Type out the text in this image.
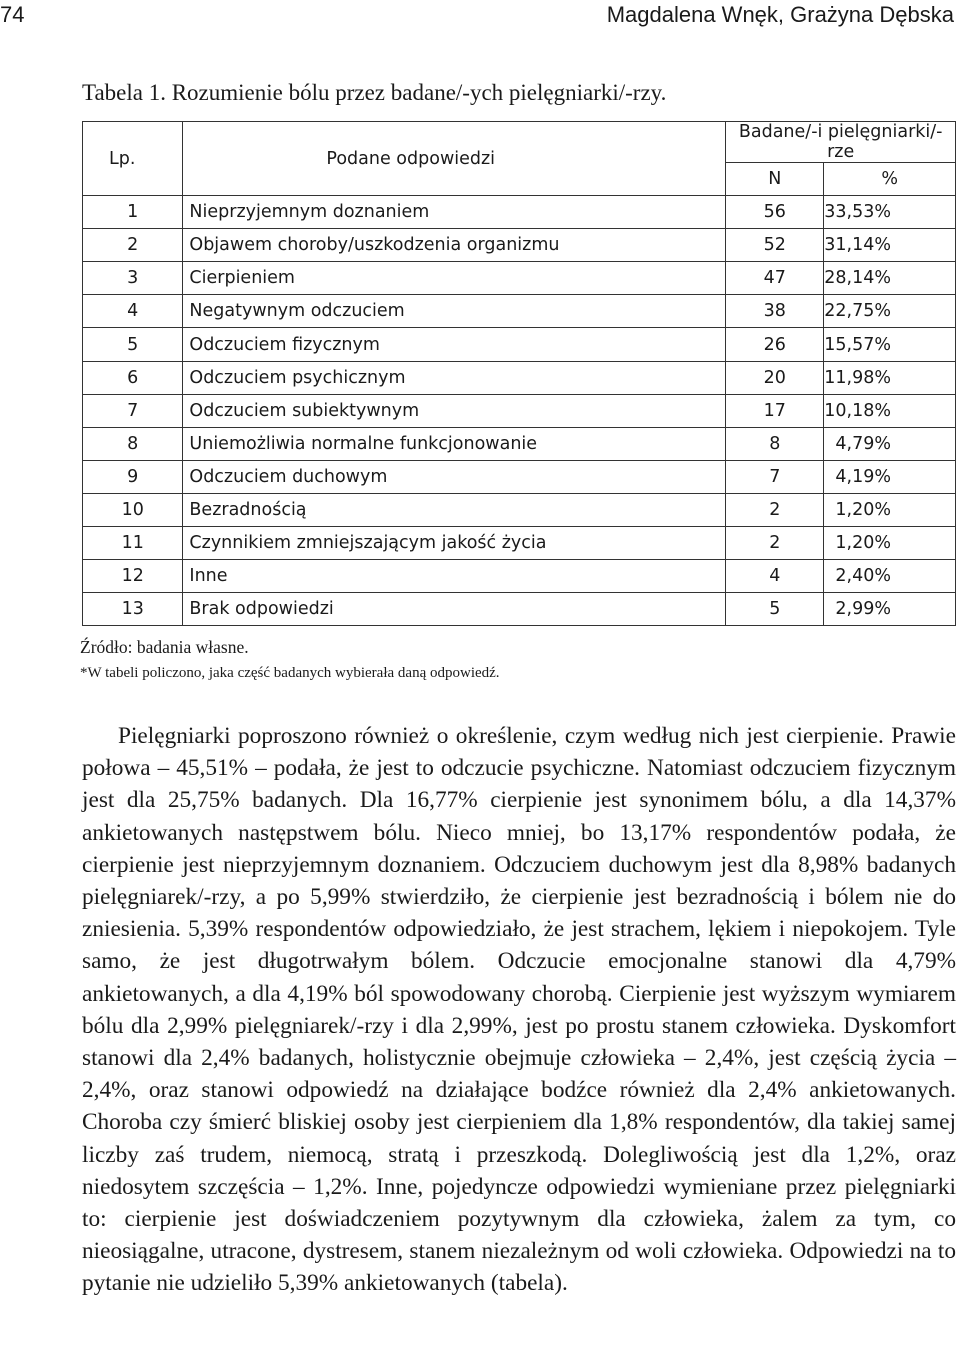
74	Magdalena Wnęk, Grażyna Dębska
Tabela 1. Rozumienie bólu przez badane/-ych pielęgniarki/-rzy.
Lp.	Podane odpowiedzi	Badane/-i pielęgniarki/-rze	
		N	%
1	Nieprzyjemnym doznaniem	56	33,53%
2	Objawem choroby/uszkodzenia organizmu	52	31,14%
3	Cierpieniem	47	28,14%
4	Negatywnym odczuciem	38	22,75%
5	Odczuciem fizycznym	26	15,57%
6	Odczuciem psychicznym	20	11,98%
7	Odczuciem subiektywnym	17	10,18%
8	Uniemożliwia normalne funkcjonowanie	8	4,79%
9	Odczuciem duchowym	7	4,19%
10	Bezradnością	2	1,20%
11	Czynnikiem zmniejszającym jakość życia	2	1,20%
12	Inne	4	2,40%
13	Brak odpowiedzi	5	2,99%
Źródło: badania własne.
*W tabeli policzono, jaka część badanych wybierała daną odpowiedź.

Pielęgniarki poproszono również o określenie, czym według nich jest cierpienie. Prawie połowa – 45,51% – podała, że jest to odczucie psychiczne. Natomiast odczuciem fizycznym jest dla 25,75% badanych. Dla 16,77% cierpienie jest synonimem bólu, a dla 14,37% ankietowanych następstwem bólu. Nieco mniej, bo 13,17% respondentów podała, że cierpienie jest nieprzyjemnym doznaniem. Odczuciem duchowym jest dla 8,98% badanych pielęgniarek/-rzy, a po 5,99% stwierdziło, że cierpienie jest bezradnością i bólem nie do zniesienia. 5,39% respondentów odpowiedziało, że jest strachem, lękiem i niepokojem. Tyle samo, że jest długotrwałym bólem. Odczucie emocjonalne stanowi dla 4,79% ankietowanych, a dla 4,19% ból spowodowany chorobą. Cierpienie jest wyższym wymiarem bólu dla 2,99% pielęgniarek/-rzy i dla 2,99%, jest po prostu stanem człowieka. Dyskomfort stanowi dla 2,4% badanych, holistycznie obejmuje człowieka – 2,4%, jest częścią życia – 2,4%, oraz stanowi odpowiedź na działające bodźce również dla 2,4% ankietowanych. Choroba czy śmierć bliskiej osoby jest cierpieniem dla 1,8% respondentów, dla takiej samej liczby zaś trudem, niemocą, stratą i przeszkodą. Dolegliwością jest dla 1,2%, oraz niedosytem szczęścia – 1,2%. Inne, pojedyncze odpowiedzi wymieniane przez pielęgniarki to: cierpienie jest doświadczeniem pozytywnym dla człowieka, żalem za tym, co nieosiągalne, utracone, dystresem, stanem niezależnym od woli człowieka. Odpowiedzi na to pytanie nie udzieliło 5,39% ankietowanych (tabela).
